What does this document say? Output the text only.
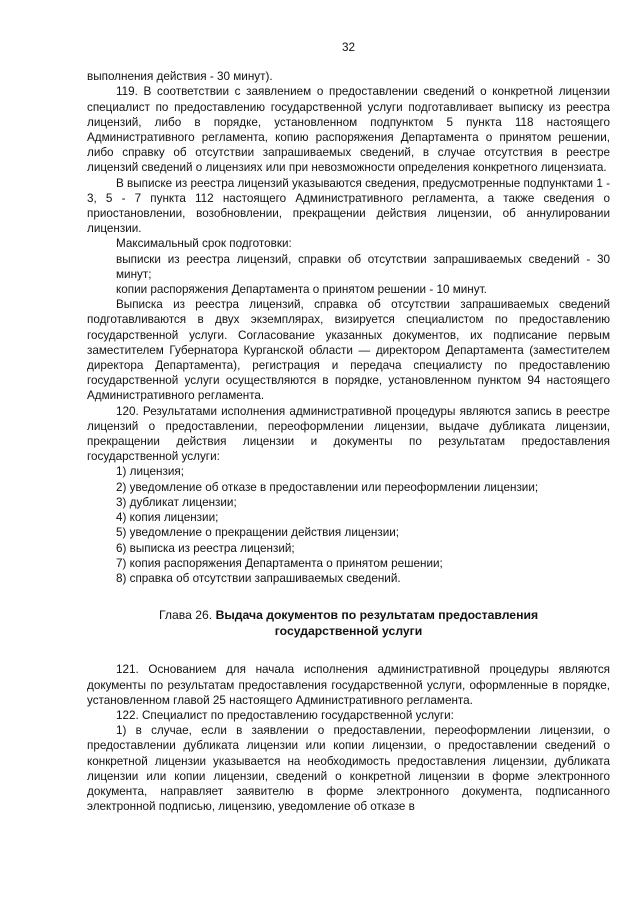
32

выполнения действия - 30 минут).

119. В соответствии с заявлением о предоставлении сведений о конкретной лицензии специалист по предоставлению государственной услуги подготавливает выписку из реестра лицензий, либо в порядке, установленном подпунктом 5 пункта 118 настоящего Административного регламента, копию распоряжения Департамента о принятом решении, либо справку об отсутствии запрашиваемых сведений, в случае отсутствия в реестре лицензий сведений о лицензиях или при невозможности определения конкретного лицензиата.

В выписке из реестра лицензий указываются сведения, предусмотренные подпунктами 1 - 3, 5 - 7 пункта 112 настоящего Административного регламента, а также сведения о приостановлении, возобновлении, прекращении действия лицензии, об аннулировании лицензии.

Максимальный срок подготовки:

выписки из реестра лицензий, справки об отсутствии запрашиваемых сведений - 30 минут;

копии распоряжения Департамента о принятом решении - 10 минут.

Выписка из реестра лицензий, справка об отсутствии запрашиваемых сведений подготавливаются в двух экземплярах, визируется специалистом по предоставлению государственной услуги. Согласование указанных документов, их подписание первым заместителем Губернатора Курганской области — директором Департамента (заместителем директора Департамента), регистрация и передача специалисту по предоставлению государственной услуги осуществляются в порядке, установленном пунктом 94 настоящего Административного регламента.

120. Результатами исполнения административной процедуры являются запись в реестре лицензий о предоставлении, переоформлении лицензии, выдаче дубликата лицензии, прекращении действия лицензии и документы по результатам предоставления государственной услуги:

1) лицензия;

2) уведомление об отказе в предоставлении или переоформлении лицензии;

3) дубликат лицензии;

4) копия лицензии;

5) уведомление о прекращении действия лицензии;

6) выписка из реестра лицензий;

7) копия распоряжения Департамента о принятом решении;

8) справка об отсутствии запрашиваемых сведений.

Глава 26. Выдача документов по результатам предоставления
государственной услуги

121. Основанием для начала исполнения административной процедуры являются документы по результатам предоставления государственной услуги, оформленные в порядке, установленном главой 25 настоящего Административного регламента.

122. Специалист по предоставлению государственной услуги:

1) в случае, если в заявлении о предоставлении, переоформлении лицензии, о предоставлении дубликата лицензии или копии лицензии, о предоставлении сведений о конкретной лицензии указывается на необходимость предоставления лицензии, дубликата лицензии или копии лицензии, сведений о конкретной лицензии в форме электронного документа, направляет заявителю в форме электронного документа, подписанного электронной подписью, лицензию, уведомление об отказе в
